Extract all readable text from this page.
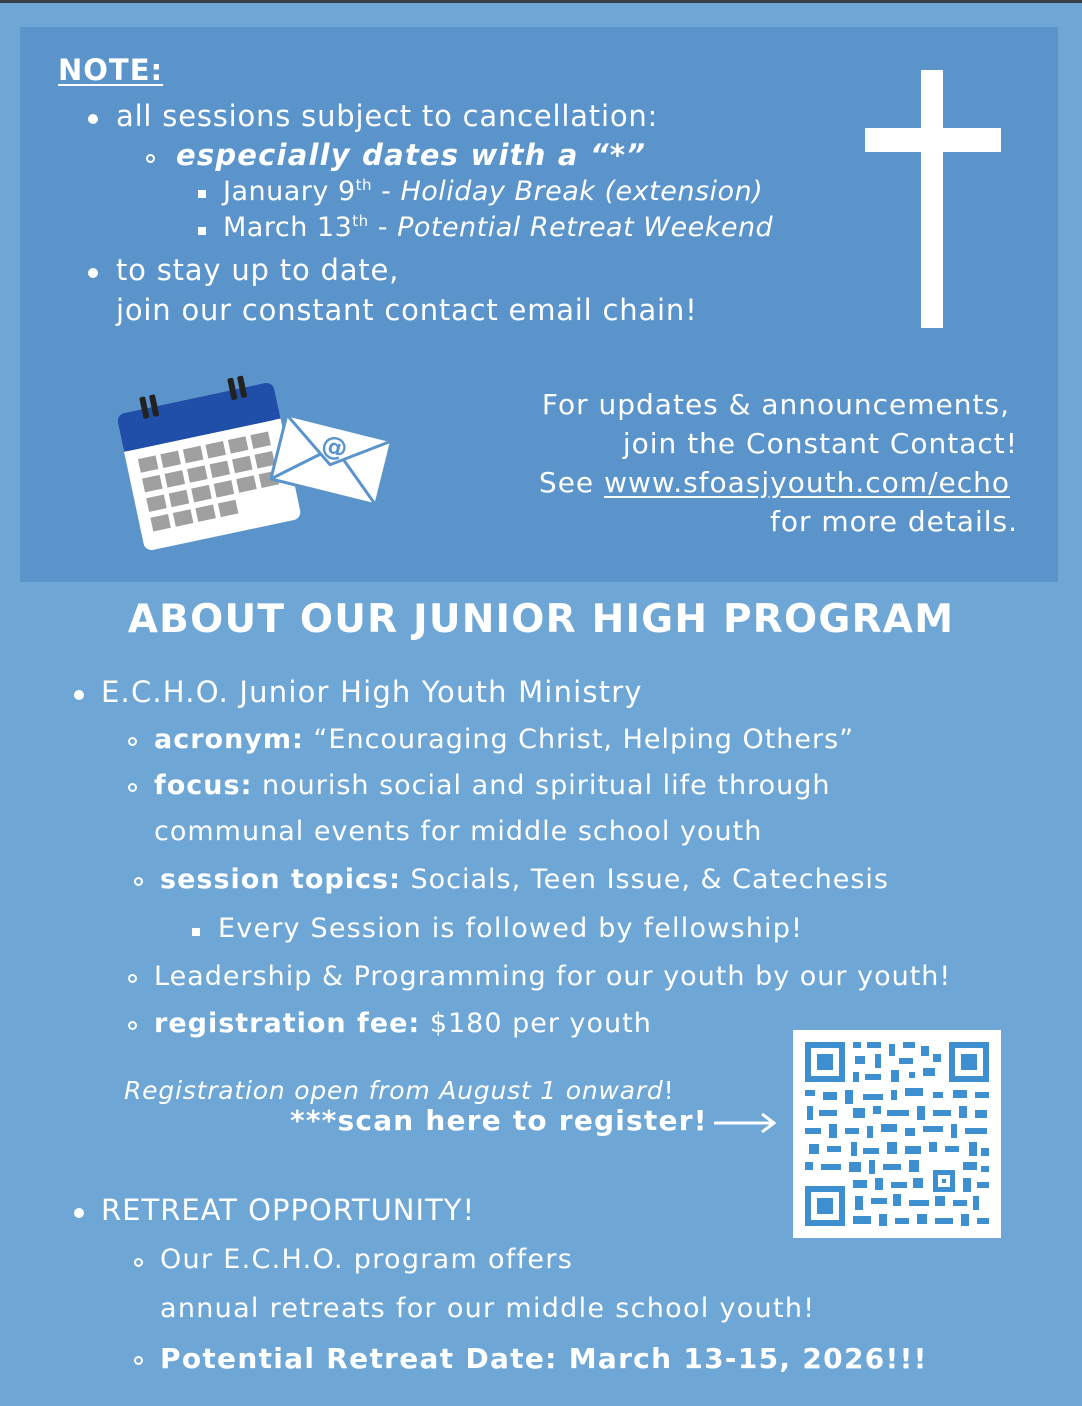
NOTE:
all sessions subject to cancellation:
especially dates with a “*”
January 9th - Holiday Break (extension)
March 13th - Potential Retreat Weekend
to stay up to date,
join our constant contact email chain!
@
For updates & announcements,
join the Constant Contact!
See www.sfoasjyouth.com/echo
for more details.
ABOUT OUR JUNIOR HIGH PROGRAM
E.C.H.O. Junior High Youth Ministry
acronym: “Encouraging Christ, Helping Others”
focus: nourish social and spiritual life through
communal events for middle school youth
session topics: Socials, Teen Issue, & Catechesis
Every Session is followed by fellowship!
Leadership & Programming for our youth by our youth!
registration fee: $180 per youth
Registration open from August 1 onward!
***scan here to register!
RETREAT OPPORTUNITY!
Our E.C.H.O. program offers
annual retreats for our middle school youth!
Potential Retreat Date: March 13-15, 2026!!!
